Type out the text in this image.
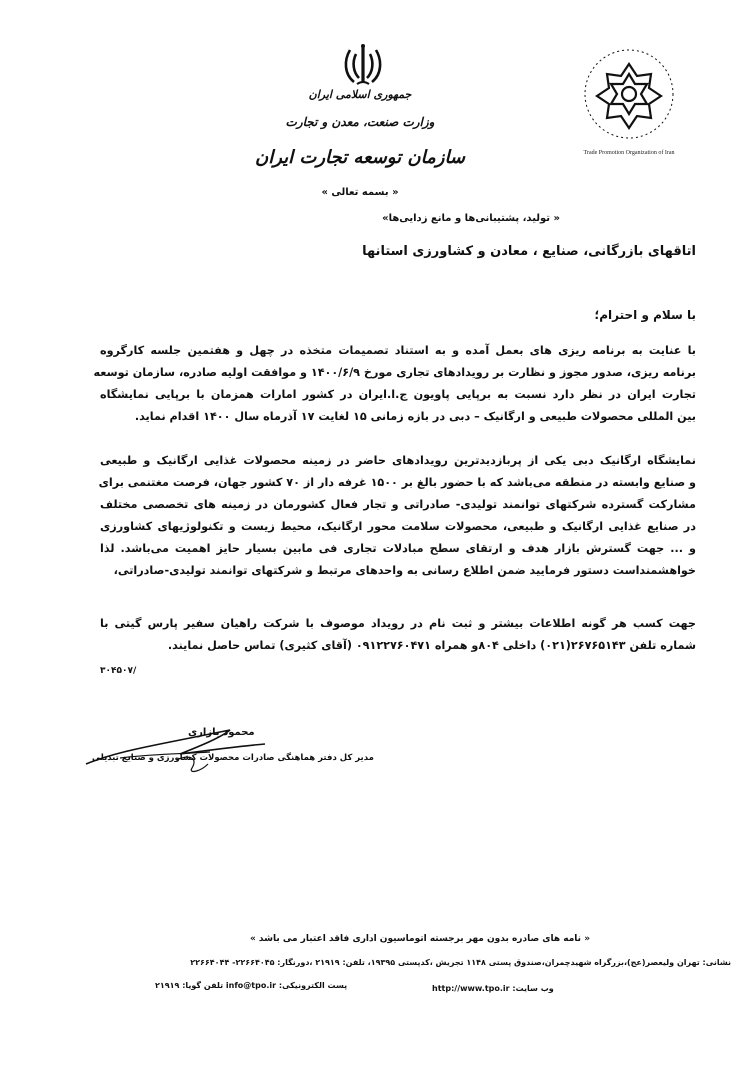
جمهوری اسلامی ایران
وزارت صنعت، معدن و تجارت
سازمان توسعه تجارت ایران
« بسمه تعالی »
« تولید، پشتیبانی‌ها و مانع زدایی‌ها»
Trade Promotion Organization of Iran
اتاقهای بازرگانی، صنایع ، معادن و کشاورزی استانها
با سلام و احترام؛
با عنایت به برنامه ریزی های بعمل آمده و به استناد تصمیمات متخذه در چهل و هفتمین جلسه کارگروه
برنامه ریزی، صدور مجوز و نظارت بر رویدادهای تجاری مورخ ۱۴۰۰/۶/۹ و موافقت اولیه صادره، سازمان توسعه
تجارت ایران در نظر دارد نسبت به برپایی پاویون ج.ا.ایران در کشور امارات همزمان با برپایی نمایشگاه
بین المللی محصولات طبیعی و ارگانیک – دبی در بازه زمانی ۱۵ لغایت ۱۷ آذرماه سال ۱۴۰۰ اقدام نماید.
نمایشگاه ارگانیک دبی یکی از پربازدیدترین رویدادهای حاضر در زمینه محصولات غذایی ارگانیک و طبیعی
و صنایع وابسته در منطقه می‌باشد که با حضور بالغ بر ۱۵۰۰ غرفه دار از ۷۰ کشور جهان، فرصت مغتنمی برای
مشارکت گسترده شرکتهای توانمند تولیدی- صادراتی و تجار فعال کشورمان در زمینه های تخصصی مختلف
در صنایع غذایی ارگانیک و طبیعی، محصولات سلامت محور ارگانیک، محیط زیست و تکنولوژیهای کشاورزی
و ... جهت گسترش بازار هدف و ارتقای سطح مبادلات تجاری فی مابین بسیار حایز اهمیت می‌باشد. لذا
خواهشمنداست دستور فرمایید ضمن اطلاع رسانی به واحدهای مرتبط و شرکتهای توانمند تولیدی-صادراتی،
جهت کسب هر گونه اطلاعات بیشتر و ثبت نام در رویداد موصوف با شرکت راهیان سفیر پارس گیتی با
شماره تلفن ۲۶۷۶۵۱۴۳(۰۲۱) داخلی ۸۰۴و همراه ۰۹۱۲۲۷۶۰۴۷۱ (آقای کثیری) تماس حاصل نمایند.
۳۰۴۵۰۷/
محمود بازاری
مدیر کل دفتر هماهنگی صادرات محصولات کشاورزی و صنایع تبدیلی
« نامه های صادره بدون مهر برجسته اتوماسیون اداری فاقد اعتبار می باشد »
نشانی: تهران ولیعصر(عج)،بزرگراه شهیدچمران،صندوق پستی ۱۱۴۸ تجریش ،کدپستی ۱۹۳۹۵، تلفن: ۲۱۹۱۹ ،دورنگار: ۲۲۶۶۴۰۴۵- ۲۲۶۶۴۰۴۴
وب سایت: http://www.tpo.ir
پست الکترونیکی: info@tpo.ir تلفن گویا: ۲۱۹۱۹
